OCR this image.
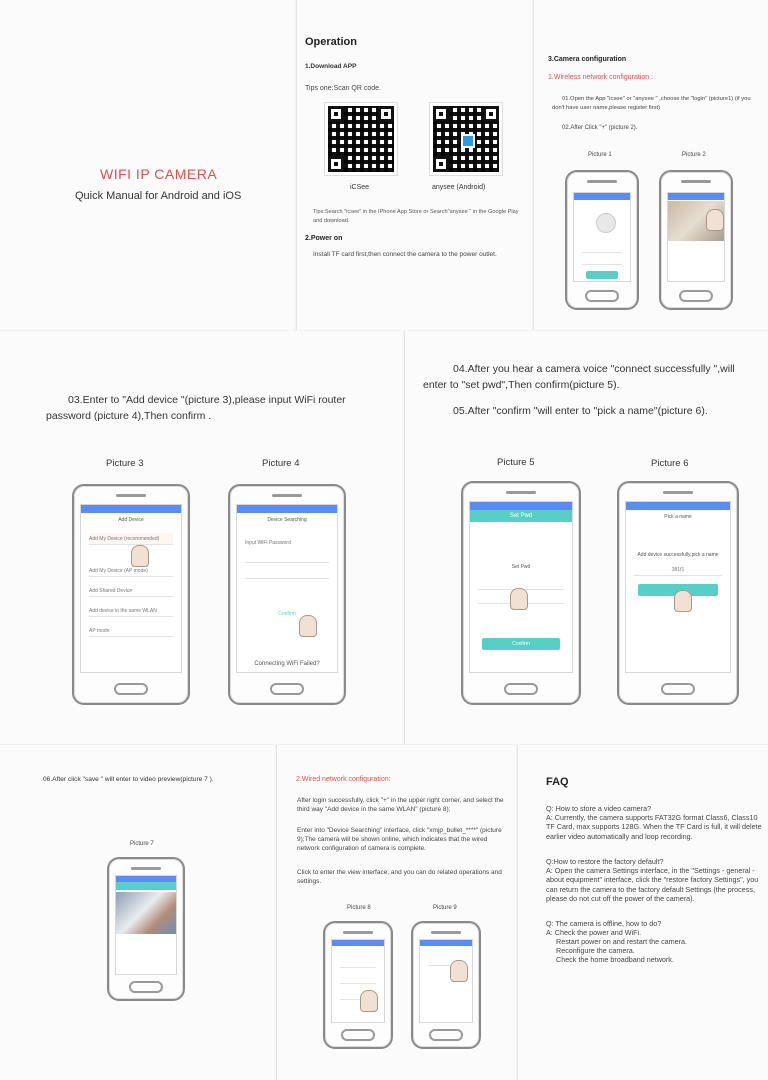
WIFI IP CAMERA
Quick Manual for Android and iOS
Operation
1.Download APP
Tips one:Scan QR code.
iCSee	anysee (Android)
Tips:Search "icsee" in the IPhone App Store or Search"anysee " in the Google Play and download.
2.Power on
Install TF card first,then connect the camera to the power outlet.
3.Camera configuration
1.Wireless network configuration :
01.Open the App "icsee" or "anysee " ,choose the "login" (picture1) (if you don't have user name,please register first)
02.After Click "+" (picture 2).
Picture 1	Picture 2
03.Enter to "Add device "(picture 3),please input WiFi router password (picture 4),Then confirm .
Picture 3	Picture 4
Add Device
Add My Device (recommended)
Add My Device (AP mode)
Add Shared Device
Add device in the same WLAN
AP mode
Device Searching
Input WiFi Password
Confirm
Connecting WiFi Failed?
04.After you hear a camera voice "connect successfully ",will enter to "set pwd",Then confirm(picture 5).
05.After "confirm "will enter to "pick a name"(picture 6).
Picture 5	Picture 6
Set Pwd
Set Pwd
Confirm
Pick a name
Add device successfully,pick a name
381f1
06.After click "save " will enter to video preview(picture 7 ).
Picture 7
2.Wired network configuration:
After login successfully, click "+" in the upper right corner, and select the third way "Add device in the same WLAN" (picture 8);
Enter into "Device Searching" interface, click "xmjp_bullet_****" (picture 9);The camera will be shown online, which indicates that the wired network configuration of camera is complete.
Click to enter the view interface, and you can do related operations and settings.
Picture 8	Picture 9
FAQ
Q: How to store a video camera?
A: Currently, the camera supports FAT32G format Class6, Class10 TF Card, max supports 128G. When the TF Card is full, it will delete earlier video automatically and loop recording.
Q:How to restore the factory default?
A: Open the camera Settings interface, in the "Settings - general - about equipment" interface, click the "restore factory Settings", you can return the camera to the factory default Settings (the process, please do not cut off the power of the camera).
Q: The camera is offline, how to do?
A: Check the power and WiFi.
Restart power on and restart the camera.
Reconfigure the camera.
Check the home broadband network.
